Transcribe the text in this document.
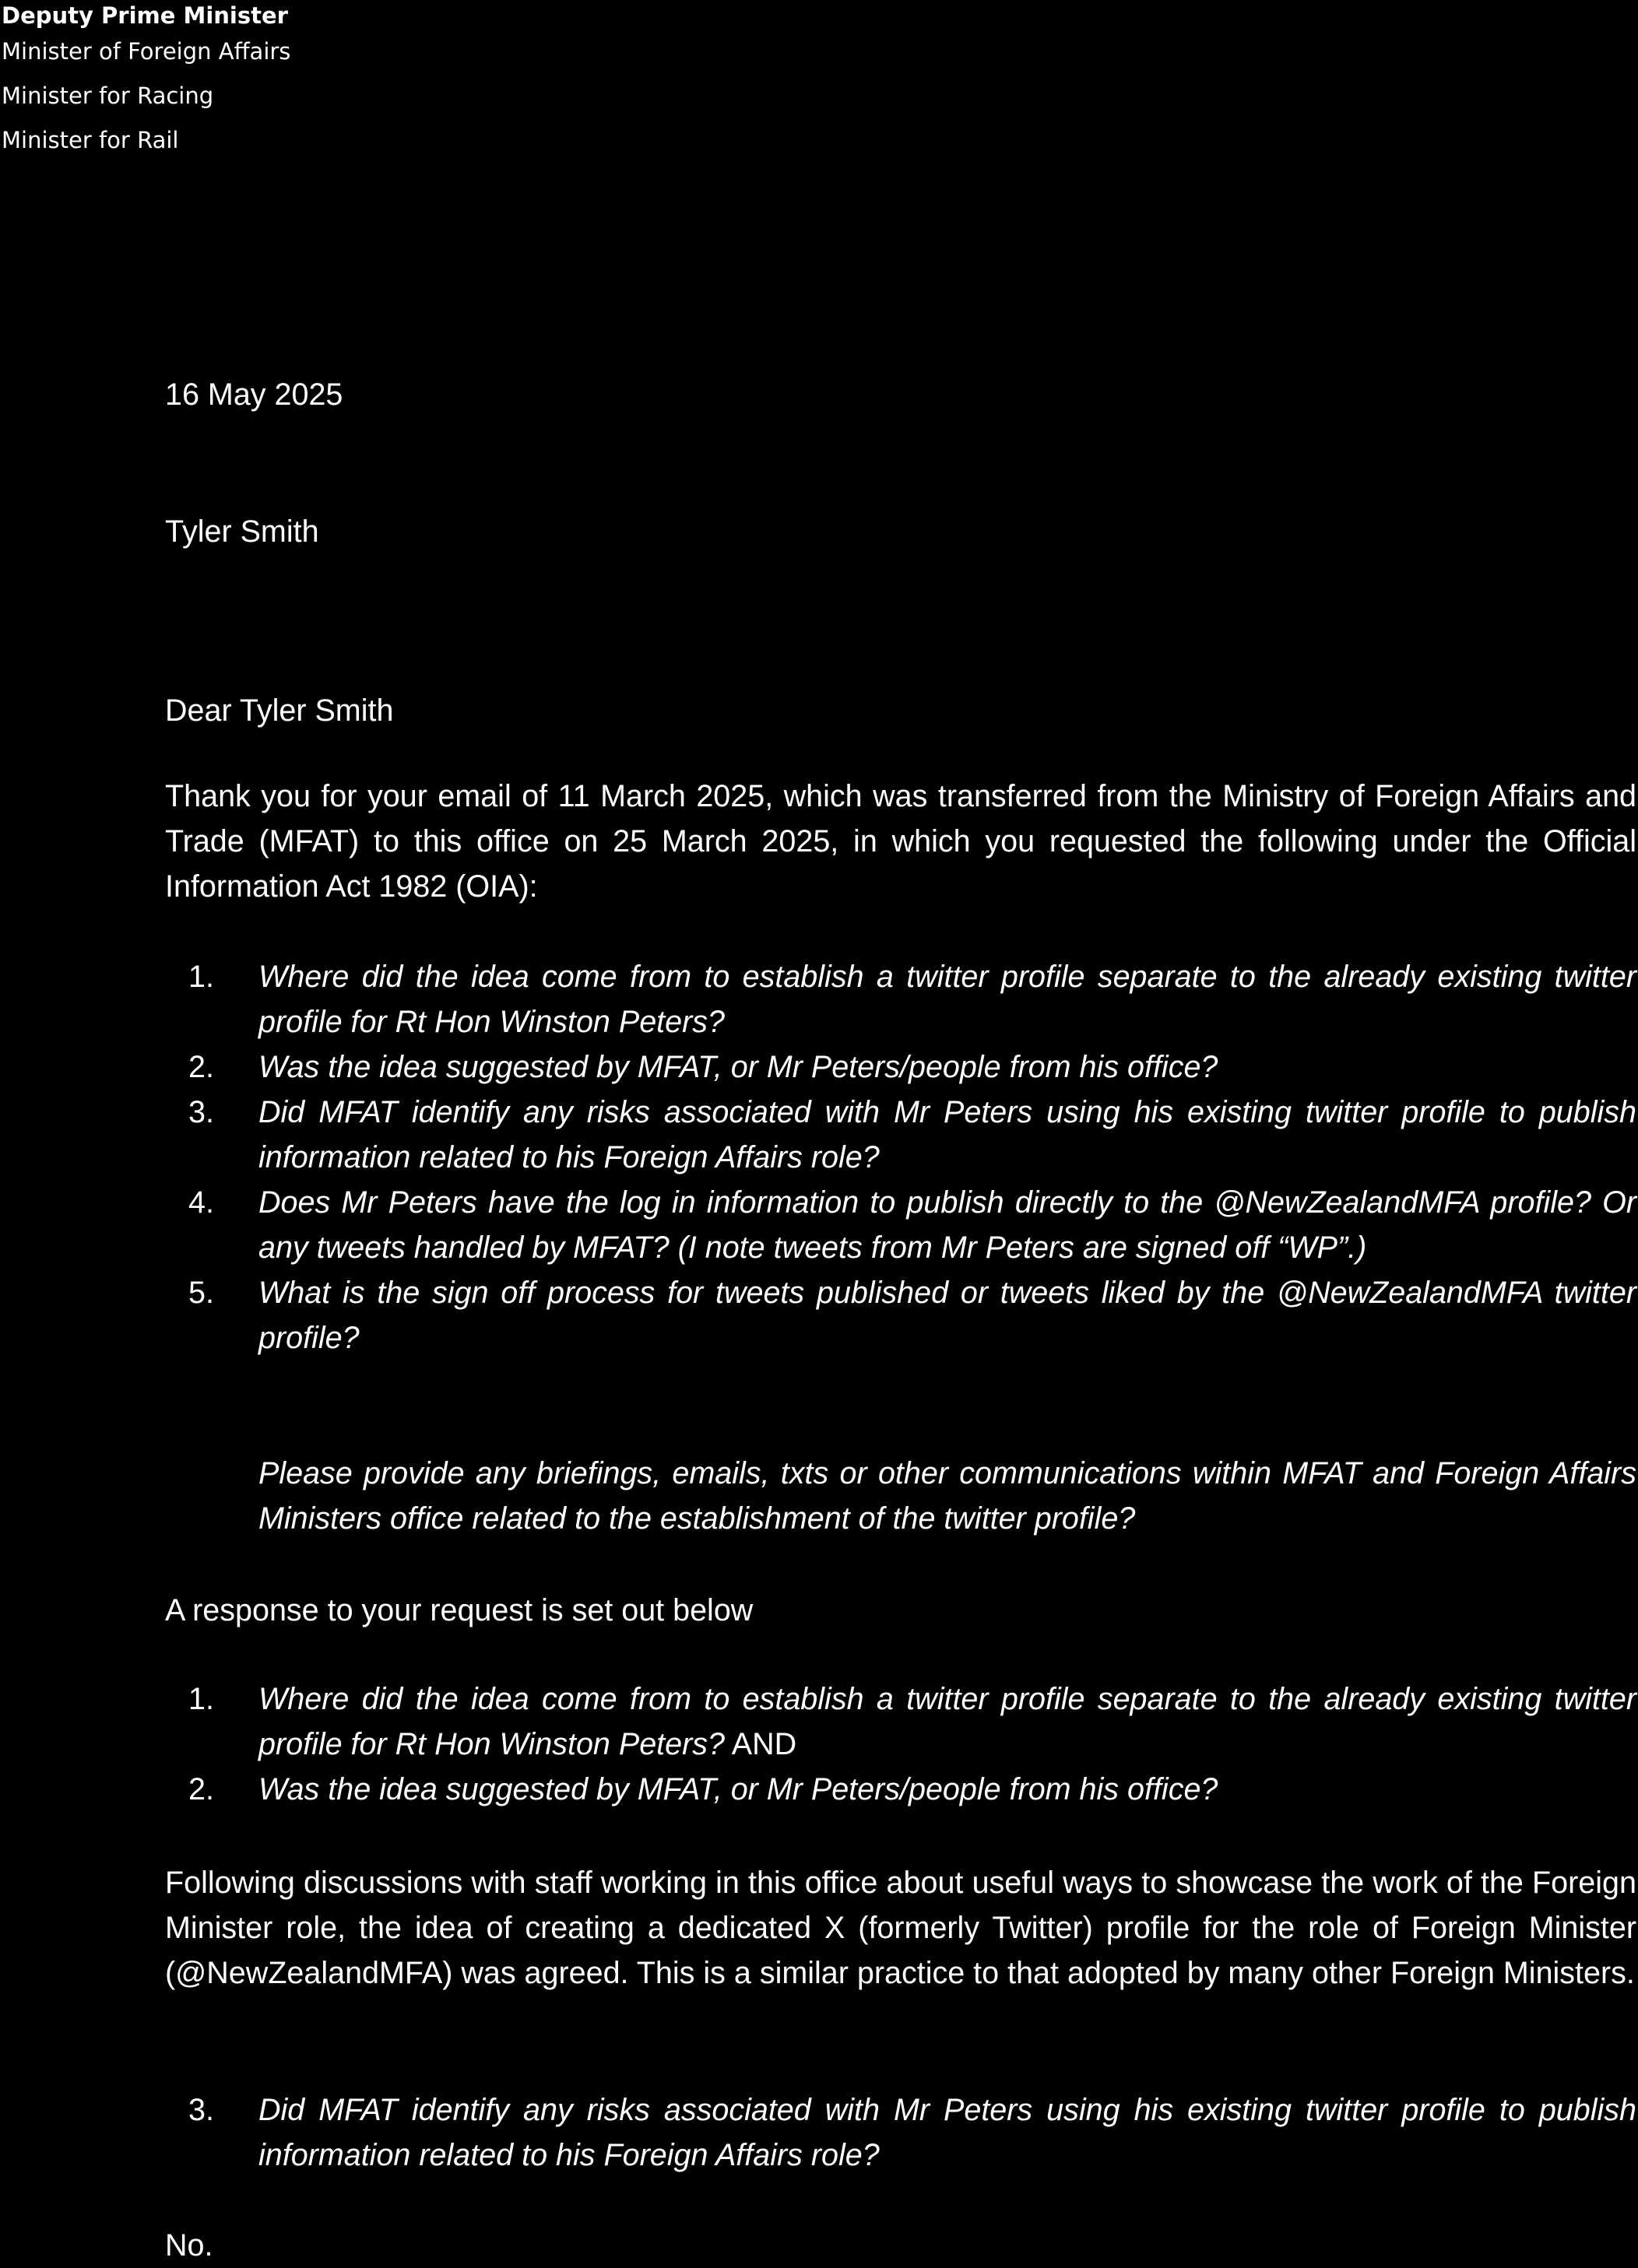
Deputy Prime Minister
Minister of Foreign Affairs
Minister for Racing
Minister for Rail

16 May 2025

Tyler Smith

Dear Tyler Smith

Thank you for your email of 11 March 2025, which was transferred from the Ministry of Foreign Affairs and Trade (MFAT) to this office on 25 March 2025, in which you requested the following under the Official Information Act 1982 (OIA):

1. Where did the idea come from to establish a twitter profile separate to the already existing twitter profile for Rt Hon Winston Peters?
2. Was the idea suggested by MFAT, or Mr Peters/people from his office?
3. Did MFAT identify any risks associated with Mr Peters using his existing twitter profile to publish information related to his Foreign Affairs role?
4. Does Mr Peters have the log in information to publish directly to the @NewZealandMFA profile? Or any tweets handled by MFAT? (I note tweets from Mr Peters are signed off “WP”.)
5. What is the sign off process for tweets published or tweets liked by the @NewZealandMFA twitter profile?

Please provide any briefings, emails, txts or other communications within MFAT and Foreign Affairs Ministers office related to the establishment of the twitter profile?

A response to your request is set out below

1. Where did the idea come from to establish a twitter profile separate to the already existing twitter profile for Rt Hon Winston Peters? AND
2. Was the idea suggested by MFAT, or Mr Peters/people from his office?

Following discussions with staff working in this office about useful ways to showcase the work of the Foreign Minister role, the idea of creating a dedicated X (formerly Twitter) profile for the role of Foreign Minister (@NewZealandMFA) was agreed. This is a similar practice to that adopted by many other Foreign Ministers.

3. Did MFAT identify any risks associated with Mr Peters using his existing twitter profile to publish information related to his Foreign Affairs role?

No.
